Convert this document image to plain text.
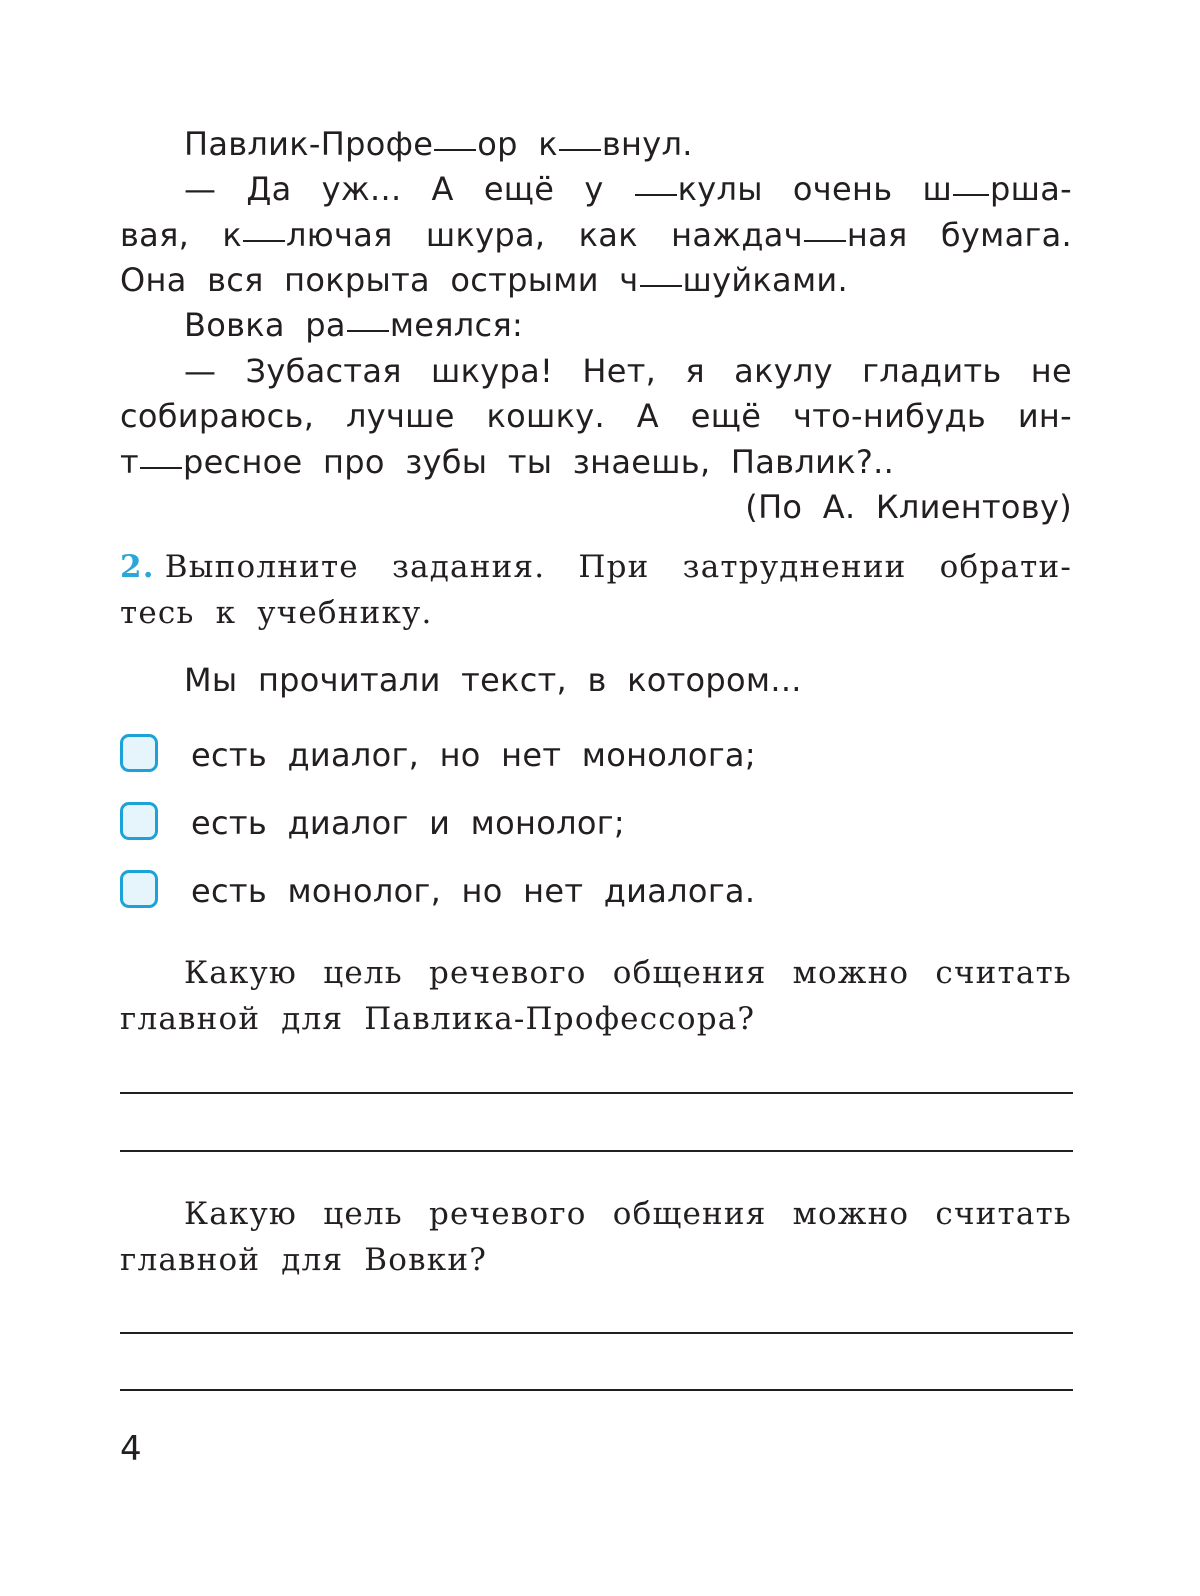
Павлик-Профе ор к внул.
— Да уж... А ещё у кулы очень ш рша-
вая, к лючая шкура, как наждач ная бумага.
Она вся покрыта острыми ч шуйками.
Вовка ра меялся:
— Зубастая шкура! Нет, я акулу гладить не
собираюсь, лучше кошку. А ещё что-нибудь ин-
т ресное про зубы ты знаешь, Павлик?..
(По А. Клиентову)
2. Выполните задания. При затруднении обрати-
тесь к учебнику.
Мы прочитали текст, в котором...
есть диалог, но нет монолога;
есть диалог и монолог;
есть монолог, но нет диалога.
Какую цель речевого общения можно считать
главной для Павлика-Профессора?
Какую цель речевого общения можно считать
главной для Вовки?
4
